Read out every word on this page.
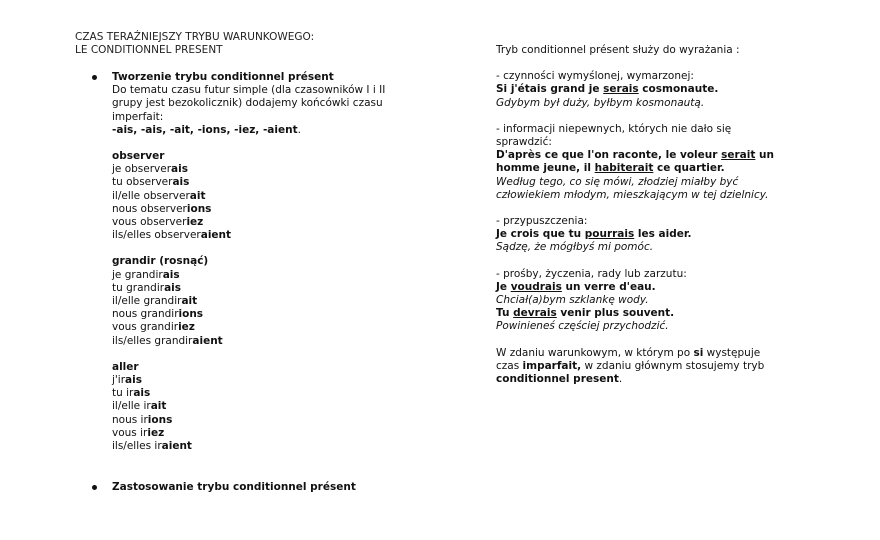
CZAS TERAŹNIEJSZY TRYBU WARUNKOWEGO:
LE CONDITIONNEL PRESENT
Tworzenie trybu conditionnel présent
Do tematu czasu futur simple (dla czasowników I i II
grupy jest bezokolicznik) dodajemy końcówki czasu
imperfait:
-ais, -ais, -ait, -ions, -iez, -aient.
observer
je observerais
tu observerais
il/elle observerait
nous observerions
vous observeriez
ils/elles observeraient
grandir (rosnąć)
je grandirais
tu grandirais
il/elle grandirait
nous grandirions
vous grandiriez
ils/elles grandiraient
aller
j'irais
tu irais
il/elle irait
nous irions
vous iriez
ils/elles iraient
Zastosowanie trybu conditionnel présent
Tryb conditionnel présent służy do wyrażania :
- czynności wymyślonej, wymarzonej:
Si j'étais grand je serais cosmonaute.
Gdybym był duży, byłbym kosmonautą.
- informacji niepewnych, których nie dało się
sprawdzić:
D'après ce que l'on raconte, le voleur serait un
homme jeune, il habiterait ce quartier.
Według tego, co się mówi, złodziej miałby być
człowiekiem młodym, mieszkającym w tej dzielnicy.
- przypuszczenia:
Je crois que tu pourrais les aider.
Sądzę, że mógłbyś mi pomóc.
- prośby, życzenia, rady lub zarzutu:
Je voudrais un verre d'eau.
Chciał(a)bym szklankę wody.
Tu devrais venir plus souvent.
Powinieneś częściej przychodzić.
W zdaniu warunkowym, w którym po si występuje
czas imparfait, w zdaniu głównym stosujemy tryb
conditionnel present.
